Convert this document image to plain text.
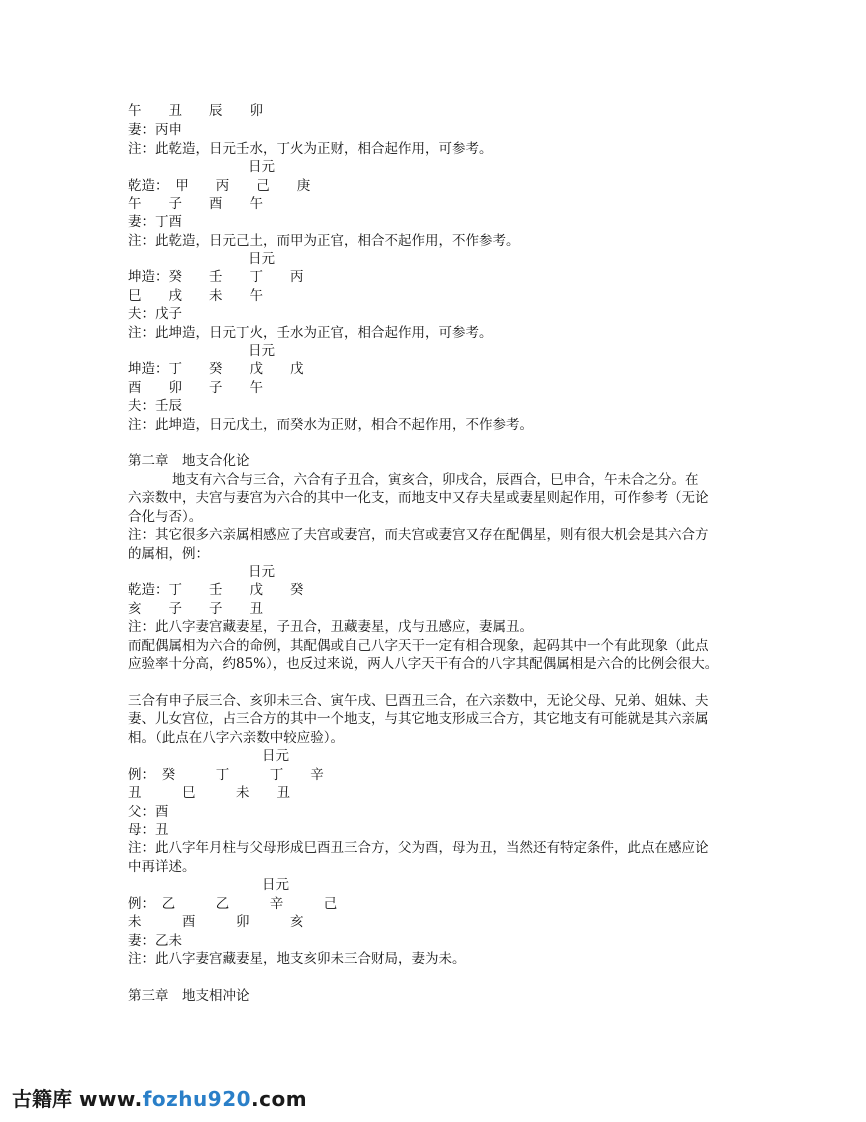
午　　丑　　辰　　卯
妻：丙申
注：此乾造，日元壬水，丁火为正财，相合起作用，可参考。
日元
乾造：　甲　　丙　　己　　庚
午　　子　　酉　　午
妻：丁酉
注：此乾造，日元己土，而甲为正官，相合不起作用，不作参考。
日元
坤造：癸　　壬　　丁　　丙
巳　　戌　　未　　午
夫：戊子
注：此坤造，日元丁火，壬水为正官，相合起作用，可参考。
日元
坤造：丁　　癸　　戊　　戊
酉　　卯　　子　　午
夫：壬辰
注：此坤造，日元戊土，而癸水为正财，相合不起作用，不作参考。
第二章　地支合化论
地支有六合与三合，六合有子丑合，寅亥合，卯戌合，辰酉合，巳申合，午未合之分。在
六亲数中，夫宫与妻宫为六合的其中一化支，而地支中又存夫星或妻星则起作用，可作参考（无论
合化与否）。
注：其它很多六亲属相感应了夫宫或妻宫，而夫宫或妻宫又存在配偶星，则有很大机会是其六合方
的属相，例：
日元
乾造：丁　　壬　　戊　　癸
亥　　子　　子　　丑
注：此八字妻宫藏妻星，子丑合，丑藏妻星，戊与丑感应，妻属丑。
而配偶属相为六合的命例，其配偶或自己八字天干一定有相合现象，起码其中一个有此现象（此点
应验率十分高，约85%），也反过来说，两人八字天干有合的八字其配偶属相是六合的比例会很大。
三合有申子辰三合、亥卯未三合、寅午戌、巳酉丑三合，在六亲数中，无论父母、兄弟、姐妹、夫
妻、儿女宫位，占三合方的其中一个地支，与其它地支形成三合方，其它地支有可能就是其六亲属
相。（此点在八字六亲数中较应验）。
日元
例：　癸　　　丁　　　丁　　辛
丑　　　巳　　　未　　丑
父：酉
母：丑
注：此八字年月柱与父母形成巳酉丑三合方，父为酉，母为丑，当然还有特定条件，此点在感应论
中再详述。
日元
例：　乙　　　乙　　　辛　　　己
未　　　酉　　　卯　　　亥
妻：乙未
注：此八字妻宫藏妻星，地支亥卯未三合财局，妻为未。
第三章　地支相冲论
古籍库 www.fozhu920.com
